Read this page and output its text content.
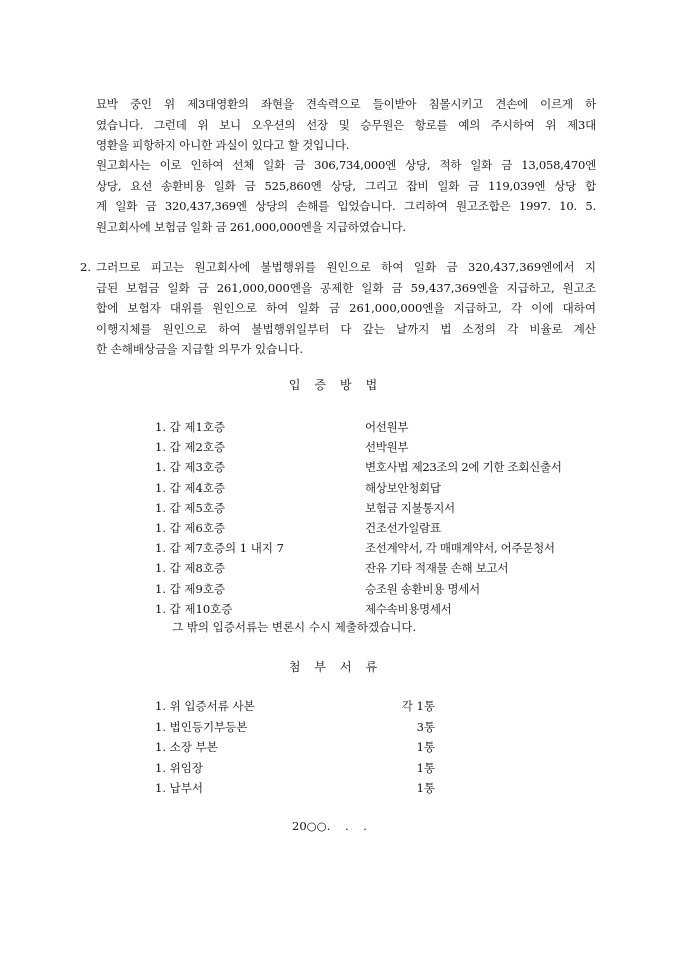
묘박 중인 위 제3대영환의 좌현을 견속력으로 들이받아 침몰시키고 견손에 이르게 하
였습니다. 그런데 위 보니 오우션의 선장 및 승무원은 항로를 예의 주시하여 위 제3대
영환을 피항하지 아니한 과실이 있다고 할 것입니다.
원고회사는 이로 인하여 선체 일화 금 306,734,000엔 상당, 적하 일화 금 13,058,470엔
상당, 요선 송환비용 일화 금 525,860엔 상당, 그리고 잡비 일화 금 119,039엔 상당 합
계 일화 금 320,437,369엔 상당의 손해를 입었습니다. 그리하여 원고조합은 1997. 10. 5.
원고회사에 보험금 일화 금 261,000,000엔을 지급하였습니다.
2. 그러므로 피고는 원고회사에 불법행위를 원인으로 하여 일화 금 320,437,369엔에서 지
급된 보험금 일화 금 261,000,000엔을 공제한 일화 금 59,437,369엔을 지급하고, 원고조
합에 보험자 대위를 원인으로 하여 일화 금 261,000,000엔을 지급하고, 각 이에 대하여
이행지체를 원인으로 하여 불법행위일부터 다 갚는 날까지 법 소정의 각 비율로 계산
한 손해배상금을 지급할 의무가 있습니다.
입증방법
1. 갑 제1호증	어선원부
1. 갑 제2호증	선박원부
1. 갑 제3호증	변호사법 제23조의 2에 기한 조회신출서
1. 갑 제4호증	해상보안청회답
1. 갑 제5호증	보험금 지불통지서
1. 갑 제6호증	건조선가일람표
1. 갑 제7호증의 1 내지 7	조선계약서, 각 매매계약서, 어주문청서
1. 갑 제8호증	잔유 기타 적재물 손해 보고서
1. 갑 제9호증	승조원 송환비용 명세서
1. 갑 제10호증	제수속비용명세서
그 밖의 입증서류는 변론시 수시 제출하겠습니다.
첨부서류
1. 위 입증서류 사본	각 1통
1. 법인등기부등본	3통
1. 소장 부본	1통
1. 위임장	1통
1. 납부서	1통
20○○.    .    .
